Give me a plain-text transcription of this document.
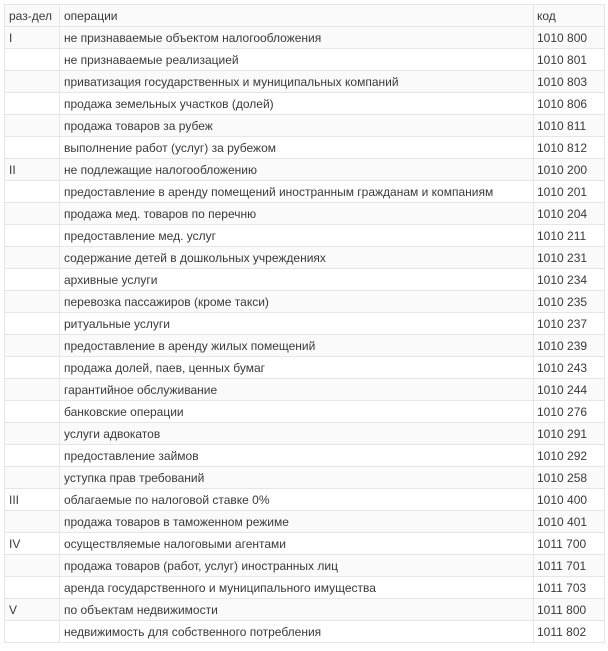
раз-дел	операции	код
I	не признаваемые объектом налогообложения	1010 800
	не признаваемые реализацией	1010 801
	приватизация государственных и муниципальных компаний	1010 803
	продажа земельных участков (долей)	1010 806
	продажа товаров за рубеж	1010 811
	выполнение работ (услуг) за рубежом	1010 812
II	не подлежащие налогообложению	1010 200
	предоставление в аренду помещений иностранным гражданам и компаниям	1010 201
	продажа мед. товаров по перечню	1010 204
	предоставление мед. услуг	1010 211
	содержание детей в дошкольных учреждениях	1010 231
	архивные услуги	1010 234
	перевозка пассажиров (кроме такси)	1010 235
	ритуальные услуги	1010 237
	предоставление в аренду жилых помещений	1010 239
	продажа долей, паев, ценных бумаг	1010 243
	гарантийное обслуживание	1010 244
	банковские операции	1010 276
	услуги адвокатов	1010 291
	предоставление займов	1010 292
	уступка прав требований	1010 258
III	облагаемые по налоговой ставке 0%	1010 400
	продажа товаров в таможенном режиме	1010 401
IV	осуществляемые налоговыми агентами	1011 700
	продажа товаров (работ, услуг) иностранных лиц	1011 701
	аренда государственного и муниципального имущества	1011 703
V	по объектам недвижимости	1011 800
	недвижимость для собственного потребления	1011 802
